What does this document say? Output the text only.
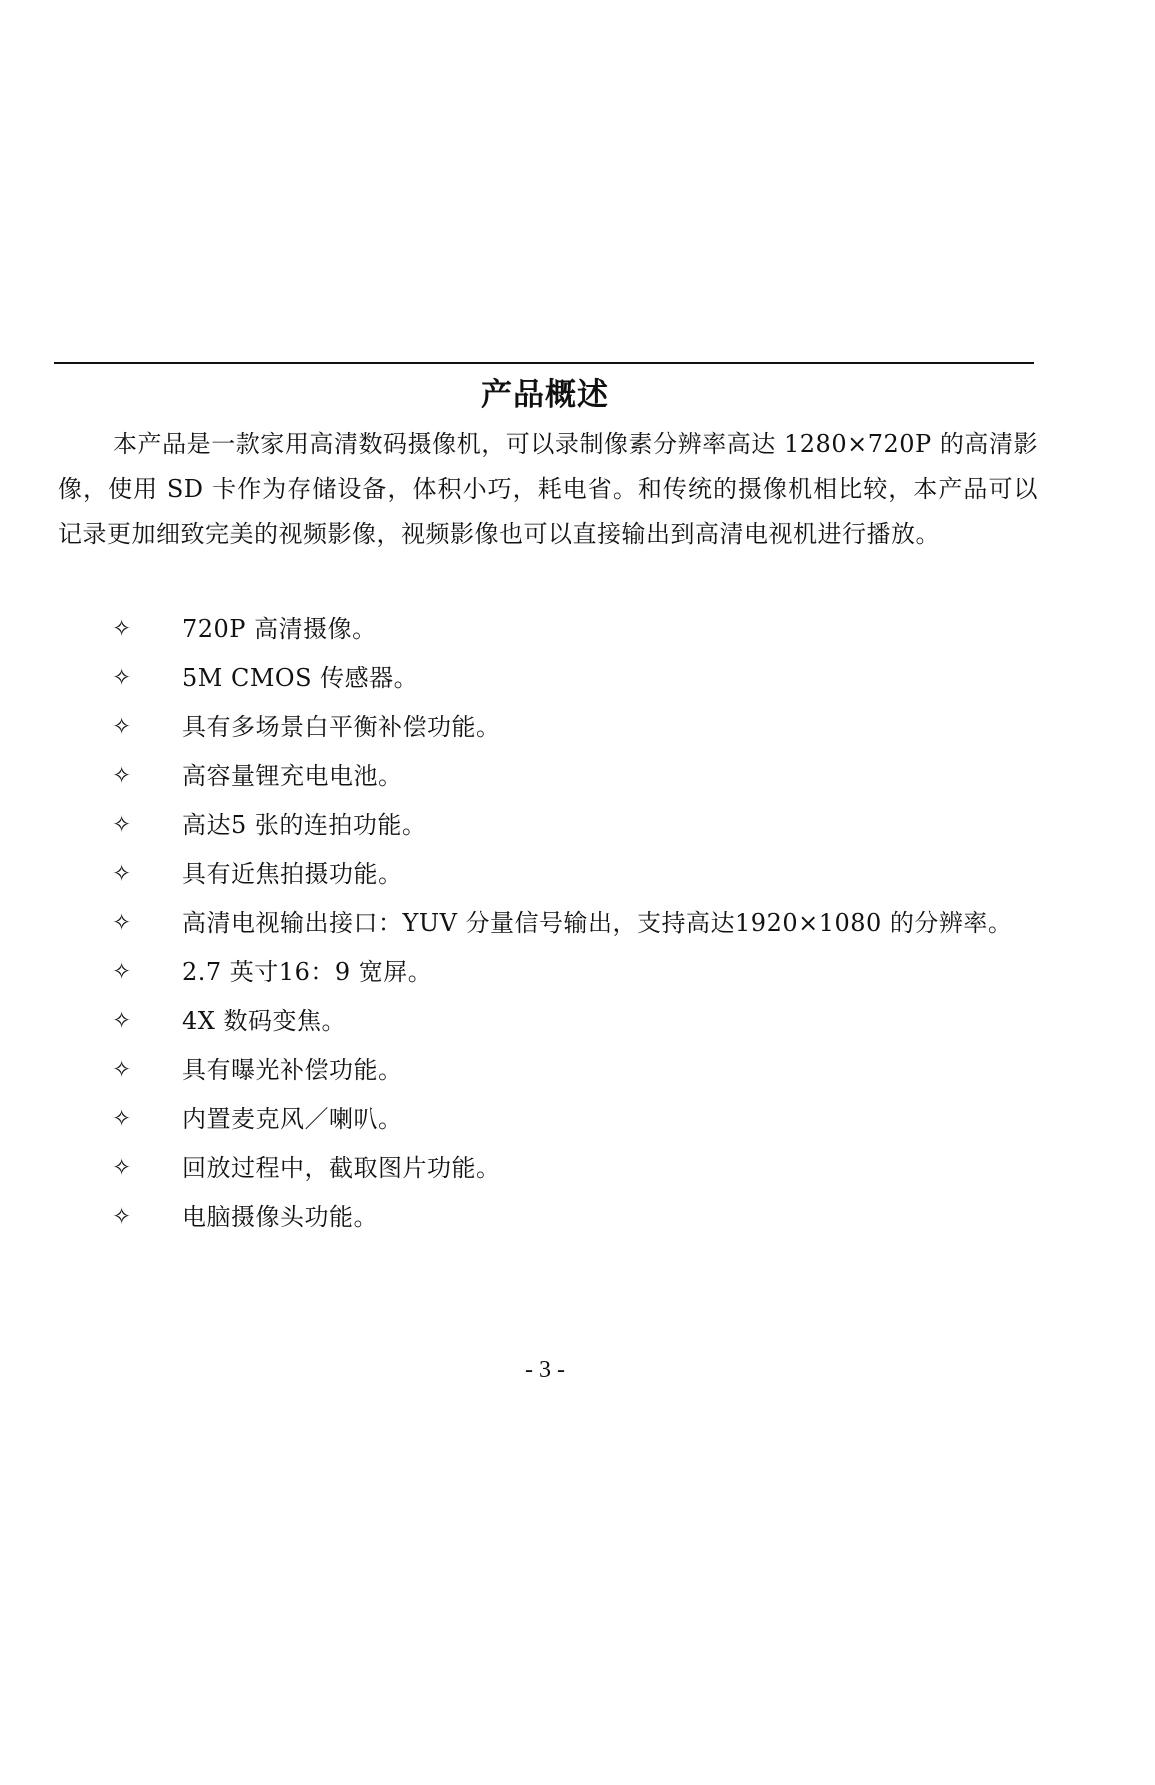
产品概述

本产品是一款家用高清数码摄像机，可以录制像素分辨率高达 1280×720P 的高清影像，使用 SD 卡作为存储设备，体积小巧，耗电省。和传统的摄像机相比较，本产品可以记录更加细致完美的视频影像，视频影像也可以直接输出到高清电视机进行播放。

✧	720P 高清摄像。
✧	5M CMOS 传感器。
✧	具有多场景白平衡补偿功能。
✧	高容量锂充电电池。
✧	高达5 张的连拍功能。
✧	具有近焦拍摄功能。
✧	高清电视输出接口：YUV 分量信号输出，支持高达1920×1080 的分辨率。
✧	2.7 英寸16：9 宽屏。
✧	4X 数码变焦。
✧	具有曝光补偿功能。
✧	内置麦克风／喇叭。
✧	回放过程中，截取图片功能。
✧	电脑摄像头功能。
- 3 -
